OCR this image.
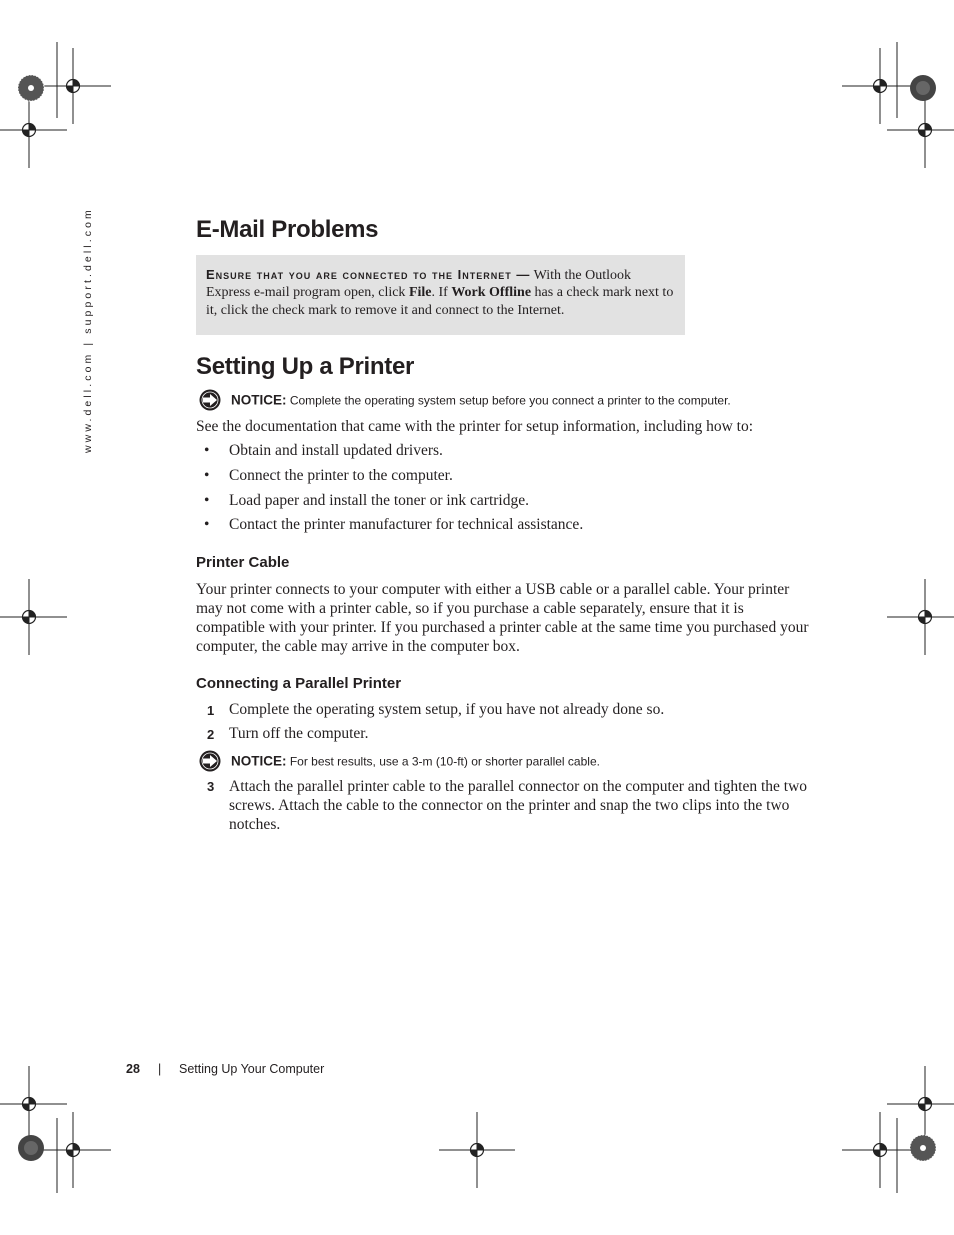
www.dell.com | support.dell.com	E-Mail Problems
Ensure that you are connected to the Internet — With the Outlook Express e-mail program open, click File. If Work Offline has a check mark next to it, click the check mark to remove it and connect to the Internet.
Setting Up a Printer
NOTICE: Complete the operating system setup before you connect a printer to the computer.
See the documentation that came with the printer for setup information, including how to:
• Obtain and install updated drivers.
• Connect the printer to the computer.
• Load paper and install the toner or ink cartridge.
• Contact the printer manufacturer for technical assistance.
Printer Cable
Your printer connects to your computer with either a USB cable or a parallel cable. Your printer may not come with a printer cable, so if you purchase a cable separately, ensure that it is compatible with your printer. If you purchased a printer cable at the same time you purchased your computer, the cable may arrive in the computer box.
Connecting a Parallel Printer
1 Complete the operating system setup, if you have not already done so.
2 Turn off the computer.
NOTICE: For best results, use a 3-m (10-ft) or shorter parallel cable.
3 Attach the parallel printer cable to the parallel connector on the computer and tighten the two screws. Attach the cable to the connector on the printer and snap the two clips into the two notches.
28 | Setting Up Your Computer
